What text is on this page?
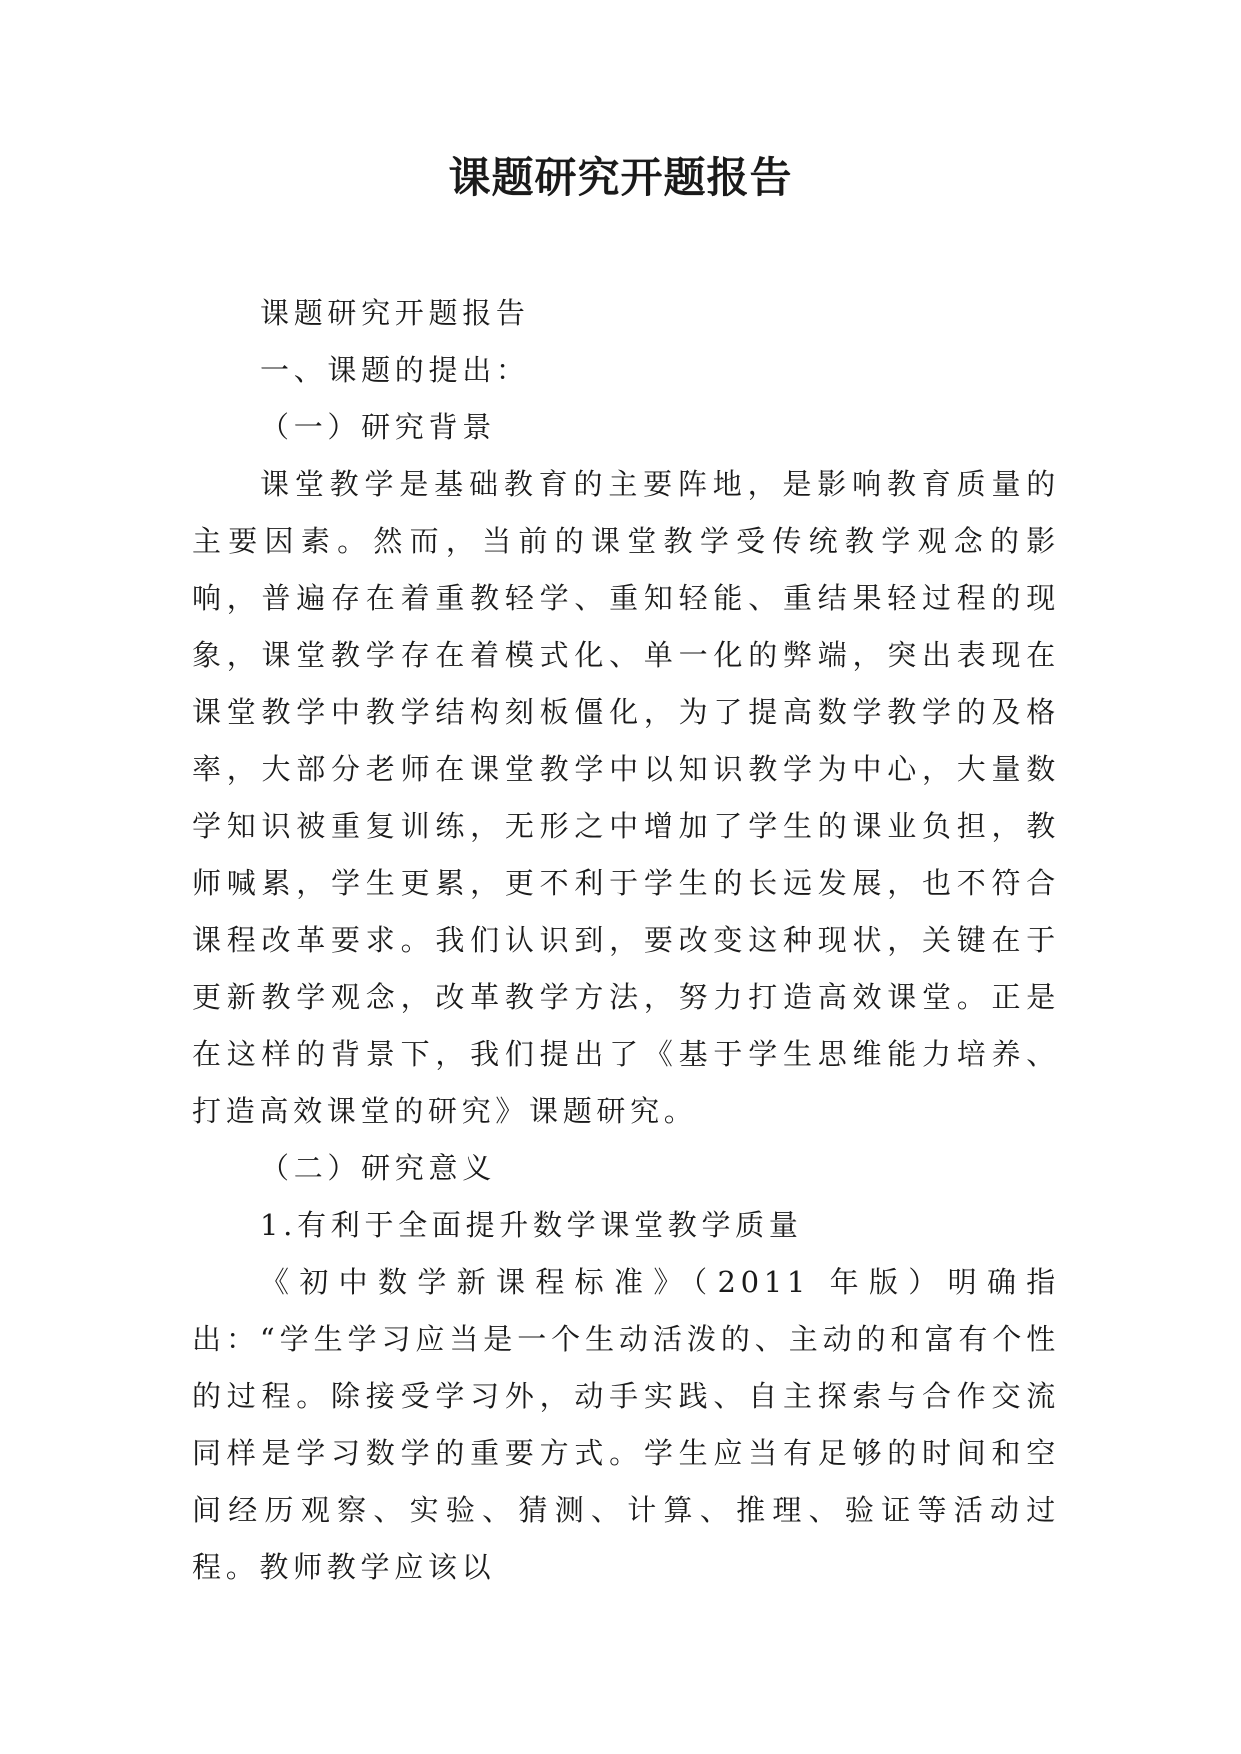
课题研究开题报告

课题研究开题报告

一、课题的提出：

（一）研究背景

课堂教学是基础教育的主要阵地，是影响教育质量的主要因素。然而，当前的课堂教学受传统教学观念的影响，普遍存在着重教轻学、重知轻能、重结果轻过程的现象，课堂教学存在着模式化、单一化的弊端，突出表现在课堂教学中教学结构刻板僵化，为了提高数学教学的及格率，大部分老师在课堂教学中以知识教学为中心，大量数学知识被重复训练，无形之中增加了学生的课业负担，教师喊累，学生更累，更不利于学生的长远发展，也不符合课程改革要求。我们认识到，要改变这种现状，关键在于更新教学观念，改革教学方法，努力打造高效课堂。正是在这样的背景下，我们提出了《基于学生思维能力培养、打造高效课堂的研究》课题研究。

（二）研究意义

1.有利于全面提升数学课堂教学质量

《初中数学新课程标准》（2011 年版）明确指出：“学生学习应当是一个生动活泼的、主动的和富有个性的过程。除接受学习外，动手实践、自主探索与合作交流同样是学习数学的重要方式。学生应当有足够的时间和空间经历观察、实验、猜测、计算、推理、验证等活动过程。教师教学应该以
